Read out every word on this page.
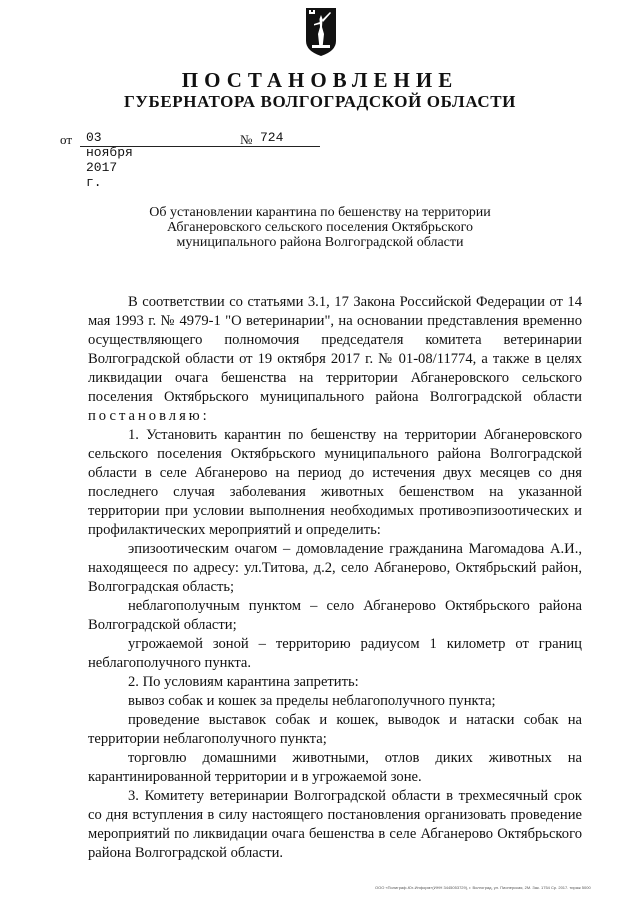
ПОСТАНОВЛЕНИЕ
ГУБЕРНАТОРА ВОЛГОГРАДСКОЙ ОБЛАСТИ
от 03 ноября 2017 г.
№ 724
Об установлении карантина по бешенству на территории
Абганеровского сельского поселения Октябрьского
муниципального района Волгоградской области

В соответствии со статьями 3.1, 17 Закона Российской Федерации от 14 мая 1993 г. № 4979-1 "О ветеринарии", на основании представления временно осуществляющего полномочия председателя комитета ветеринарии Волгоградской области от 19 октября 2017 г. № 01-08/11774, а также в целях ликвидации очага бешенства на территории Абганеровского сельского поселения Октябрьского муниципального района Волгоградской области постановляю:

1. Установить карантин по бешенству на территории Абганеровского сельского поселения Октябрьского муниципального района Волгоградской области в селе Абганерово на период до истечения двух месяцев со дня последнего случая заболевания животных бешенством на указанной территории при условии выполнения необходимых противоэпизоотических и профилактических мероприятий и определить:

эпизоотическим очагом – домовладение гражданина Магомадова А.И., находящееся по адресу: ул.Титова, д.2, село Абганерово, Октябрьский район, Волгоградская область;

неблагополучным пунктом – село Абганерово Октябрьского района Волгоградской области;

угрожаемой зоной – территорию радиусом 1 километр от границ неблагополучного пункта.

2. По условиям карантина запретить:

вывоз собак и кошек за пределы неблагополучного пункта;

проведение выставок собак и кошек, выводок и натаски собак на территории неблагополучного пункта;

торговлю домашними животными, отлов диких животных на карантинированной территории и в угрожаемой зоне.

3. Комитету ветеринарии Волгоградской области в трехмесячный срок со дня вступления в силу настоящего постановления организовать проведение мероприятий по ликвидации очага бешенства в селе Абганерово Октябрьского района Волгоградской области.

ООО «Полиграф-Юг-Информ»(ИНН 3445053729), г. Волгоград, ул. Пионерская, 2М. Зак. 1754 Ср. 2017. тираж 5000
